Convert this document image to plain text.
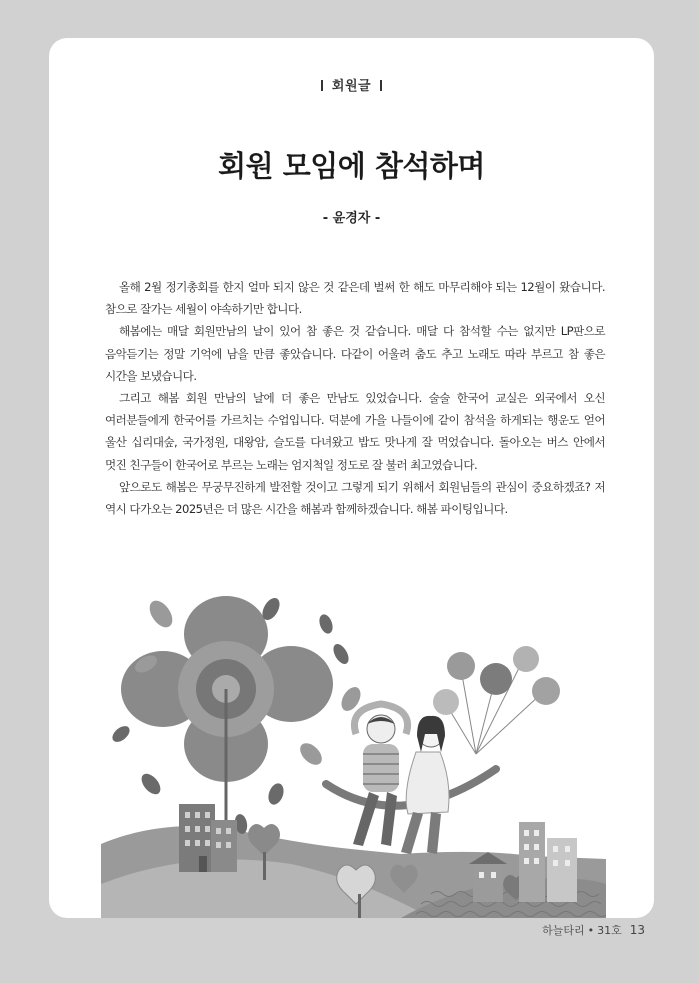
회원글
회원 모임에 참석하며
- 윤경자 -

올해 2월 정기총회를 한지 얼마 되지 않은 것 같은데 벌써 한 해도 마무리해야 되는 12월이 왔습니다. 참으로 잘가는 세월이 야속하기만 합니다.

해봄에는 매달 회원만남의 날이 있어 참 좋은 것 같습니다. 매달 다 참석할 수는 없지만 LP판으로 음악듣기는 정말 기억에 남을 만큼 좋았습니다. 다같이 어울려 춤도 추고 노래도 따라 부르고 참 좋은 시간을 보냈습니다.

그리고 해봄 회원 만남의 날에 더 좋은 만남도 있었습니다. 술술 한국어 교실은 외국에서 오신 여러분들에게 한국어를 가르치는 수업입니다. 덕분에 가을 나들이에 같이 참석을 하게되는 행운도 얻어 울산 십리대숲, 국가정원, 대왕암, 슬도를 다녀왔고 밥도 맛나게 잘 먹었습니다. 돌아오는 버스 안에서 멋진 친구들이 한국어로 부르는 노래는 엄지척일 정도로 잘 불러 최고였습니다.

앞으로도 해봄은 무궁무진하게 발전할 것이고 그렇게 되기 위해서 회원님들의 관심이 중요하겠죠? 저 역시 다가오는 2025년은 더 많은 시간을 해봄과 함께하겠습니다. 해봄 파이팅입니다.

하늘타리 • 31호 13
